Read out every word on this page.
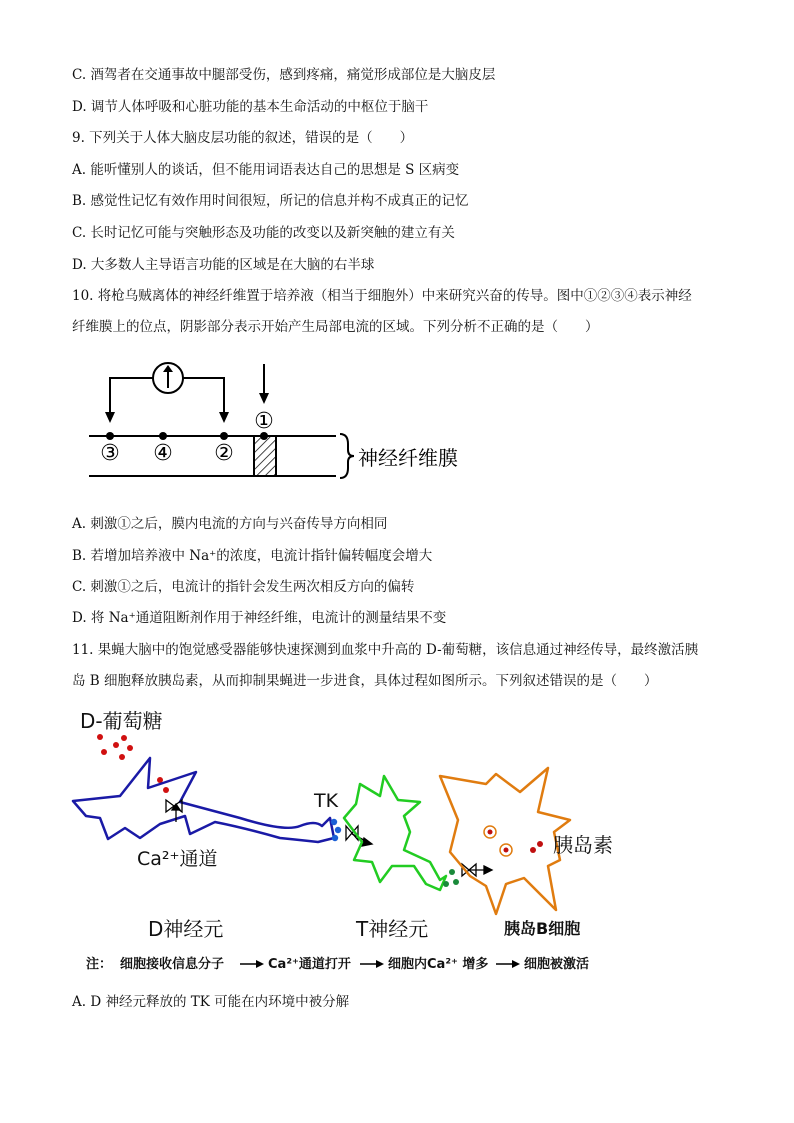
C. 酒驾者在交通事故中腿部受伤，感到疼痛，痛觉形成部位是大脑皮层
D. 调节人体呼吸和心脏功能的基本生命活动的中枢位于脑干
9. 下列关于人体大脑皮层功能的叙述，错误的是（　　）
A. 能听懂别人的谈话，但不能用词语表达自己的思想是 S 区病变
B. 感觉性记忆有效作用时间很短，所记的信息并构不成真正的记忆
C. 长时记忆可能与突触形态及功能的改变以及新突触的建立有关
D. 大多数人主导语言功能的区域是在大脑的右半球
10. 将枪乌贼离体的神经纤维置于培养液（相当于细胞外）中来研究兴奋的传导。图中①②③④表示神经
纤维膜上的位点，阴影部分表示开始产生局部电流的区域。下列分析不正确的是（　　）
①
③ ④ ②	神经纤维膜
A. 刺激①之后，膜内电流的方向与兴奋传导方向相同
B. 若增加培养液中 Na⁺的浓度，电流计指针偏转幅度会增大
C. 刺激①之后，电流计的指针会发生两次相反方向的偏转
D. 将 Na⁺通道阻断剂作用于神经纤维，电流计的测量结果不变
11. 果蝇大脑中的饱觉感受器能够快速探测到血浆中升高的 D-葡萄糖，该信息通过神经传导，最终激活胰
岛 B 细胞释放胰岛素，从而抑制果蝇进一步进食，具体过程如图所示。下列叙述错误的是（　　）
D-葡萄糖
Ca²⁺通道
TK
胰岛素
D神经元	T神经元	胰岛B细胞
注： 细胞接收信息分子	Ca²⁺通道打开	细胞内Ca²⁺ 增多	细胞被激活
A. D 神经元释放的 TK 可能在内环境中被分解
